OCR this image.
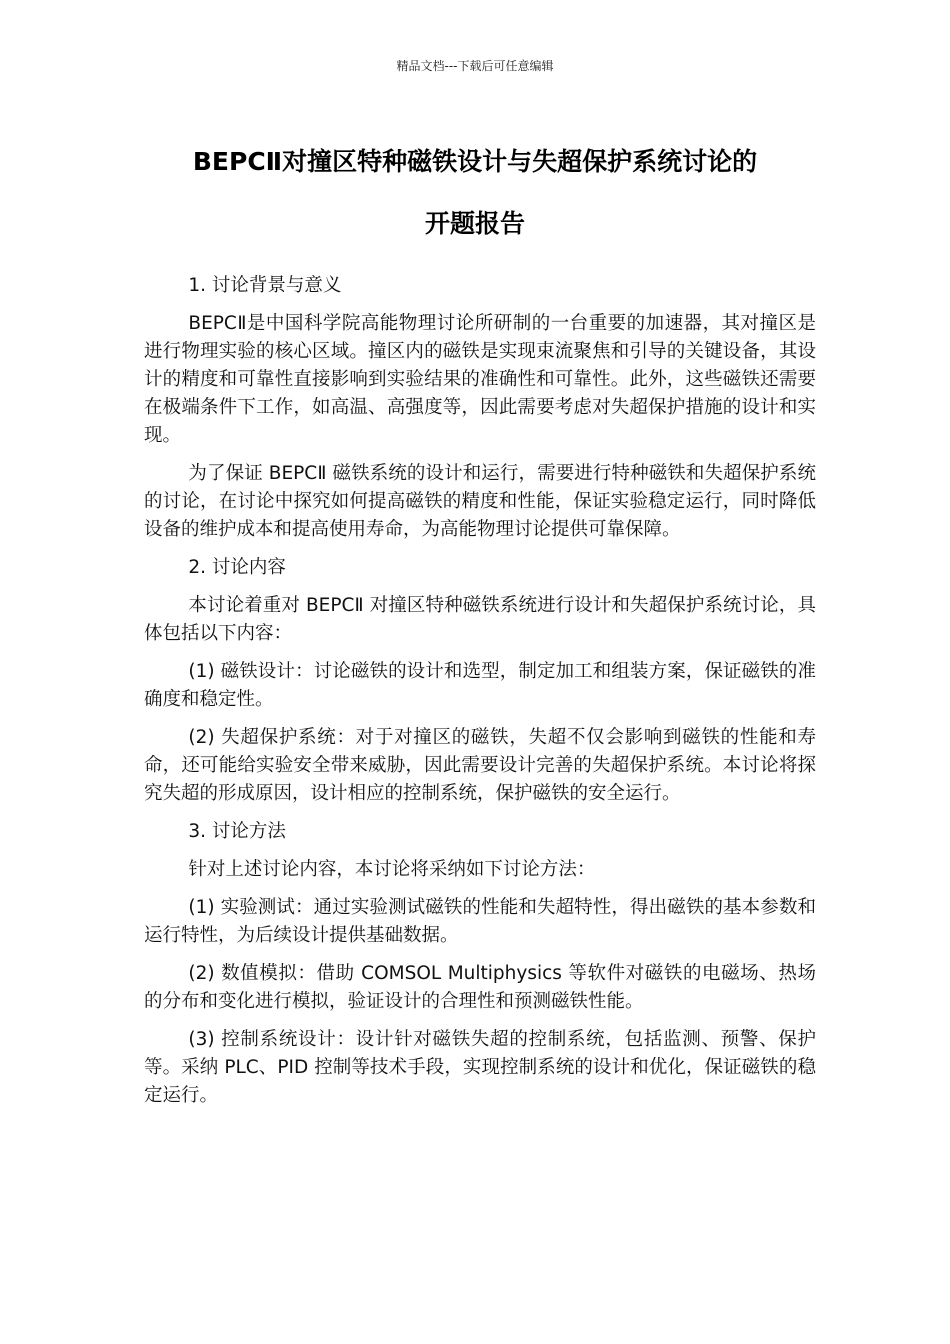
精品文档---下载后可任意编辑
BEPCⅡ对撞区特种磁铁设计与失超保护系统讨论的
开题报告

1. 讨论背景与意义

BEPCⅡ是中国科学院高能物理讨论所研制的一台重要的加速器，其对撞区是进行物理实验的核心区域。撞区内的磁铁是实现束流聚焦和引导的关键设备，其设计的精度和可靠性直接影响到实验结果的准确性和可靠性。此外，这些磁铁还需要在极端条件下工作，如高温、高强度等，因此需要考虑对失超保护措施的设计和实现。

为了保证 BEPCⅡ 磁铁系统的设计和运行，需要进行特种磁铁和失超保护系统的讨论，在讨论中探究如何提高磁铁的精度和性能，保证实验稳定运行，同时降低设备的维护成本和提高使用寿命，为高能物理讨论提供可靠保障。

2. 讨论内容

本讨论着重对 BEPCⅡ 对撞区特种磁铁系统进行设计和失超保护系统讨论，具体包括以下内容：

(1) 磁铁设计：讨论磁铁的设计和选型，制定加工和组装方案，保证磁铁的准确度和稳定性。

(2) 失超保护系统：对于对撞区的磁铁，失超不仅会影响到磁铁的性能和寿命，还可能给实验安全带来威胁，因此需要设计完善的失超保护系统。本讨论将探究失超的形成原因，设计相应的控制系统，保护磁铁的安全运行。

3. 讨论方法

针对上述讨论内容，本讨论将采纳如下讨论方法：

(1) 实验测试：通过实验测试磁铁的性能和失超特性，得出磁铁的基本参数和运行特性，为后续设计提供基础数据。

(2) 数值模拟：借助 COMSOL Multiphysics 等软件对磁铁的电磁场、热场的分布和变化进行模拟，验证设计的合理性和预测磁铁性能。

(3) 控制系统设计：设计针对磁铁失超的控制系统，包括监测、预警、保护等。采纳 PLC、PID 控制等技术手段，实现控制系统的设计和优化，保证磁铁的稳定运行。
